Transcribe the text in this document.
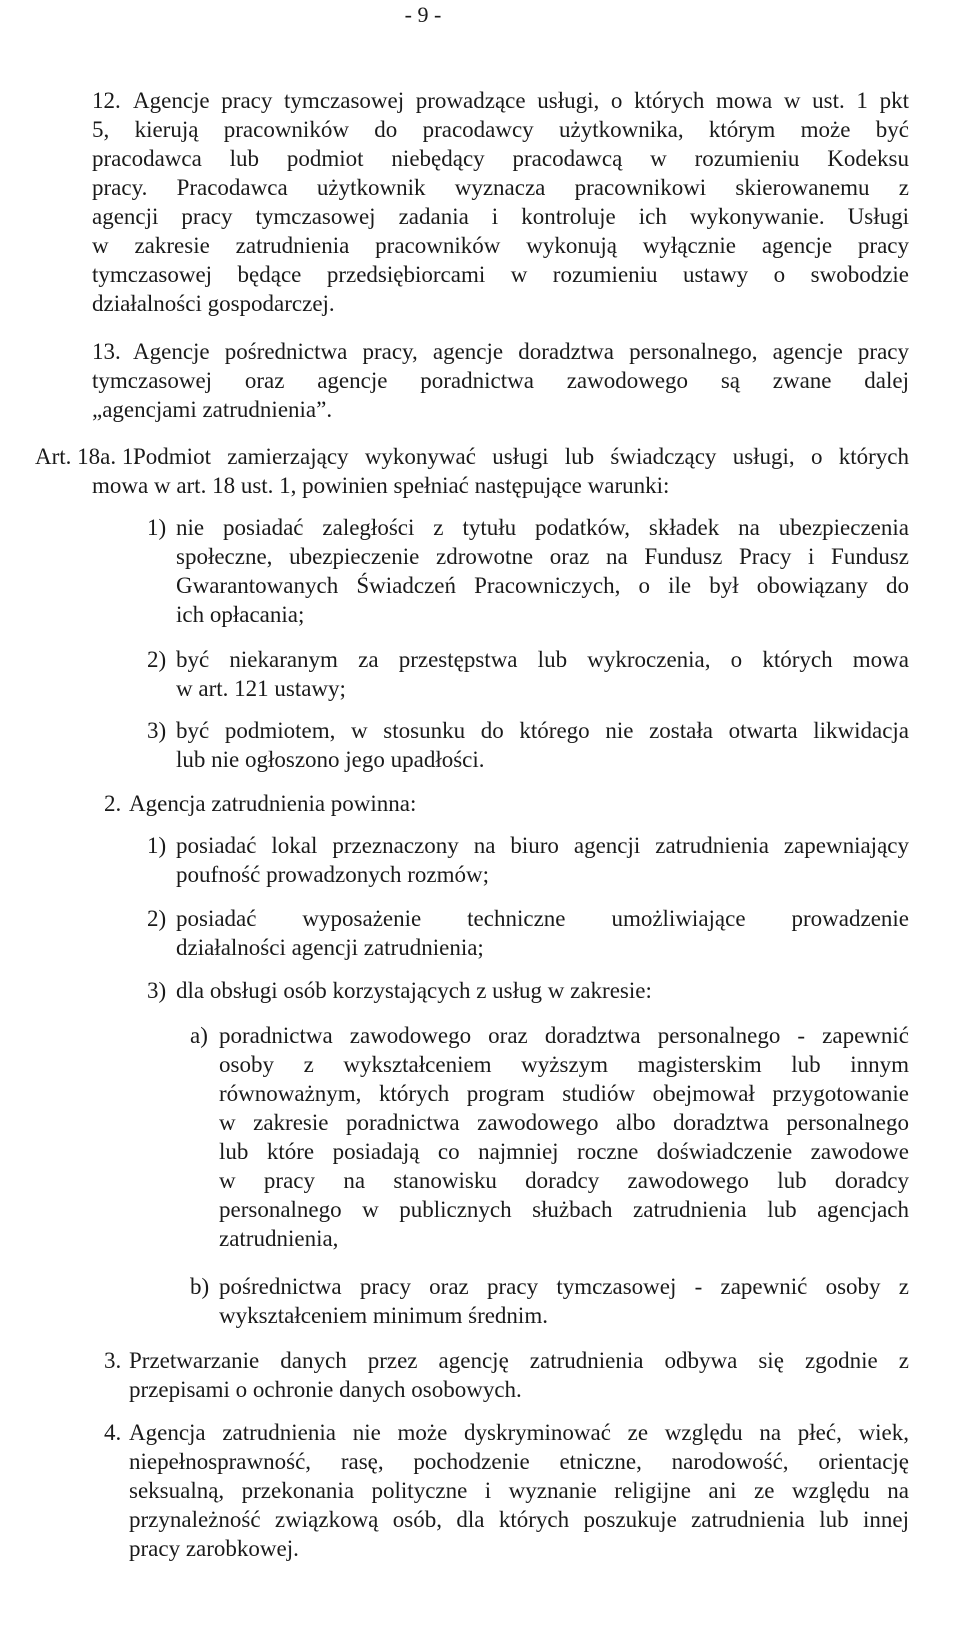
- 9 -
12. Agencje pracy tymczasowej prowadzące usługi, o których mowa w ust. 1 pkt
5, kierują pracowników do pracodawcy użytkownika, którym może być
pracodawca lub podmiot niebędący pracodawcą w rozumieniu Kodeksu
pracy. Pracodawca użytkownik wyznacza pracownikowi skierowanemu z
agencji pracy tymczasowej zadania i kontroluje ich wykonywanie. Usługi
w zakresie zatrudnienia pracowników wykonują wyłącznie agencje pracy
tymczasowej będące przedsiębiorcami w rozumieniu ustawy o swobodzie
działalności gospodarczej.
13. Agencje pośrednictwa pracy, agencje doradztwa personalnego, agencje pracy
tymczasowej oraz agencje poradnictwa zawodowego są zwane dalej
„agencjami zatrudnienia”.
Art. 18a. 1.
Podmiot zamierzający wykonywać usługi lub świadczący usługi, o których
mowa w art. 18 ust. 1, powinien spełniać następujące warunki:
1) nie posiadać zaległości z tytułu podatków, składek na ubezpieczenia
społeczne, ubezpieczenie zdrowotne oraz na Fundusz Pracy i Fundusz
Gwarantowanych Świadczeń Pracowniczych, o ile był obowiązany do
ich opłacania;
2) być niekaranym za przestępstwa lub wykroczenia, o których mowa
w art. 121 ustawy;
3) być podmiotem, w stosunku do którego nie została otwarta likwidacja
lub nie ogłoszono jego upadłości.
2. Agencja zatrudnienia powinna:
1) posiadać lokal przeznaczony na biuro agencji zatrudnienia zapewniający
poufność prowadzonych rozmów;
2) posiadać wyposażenie techniczne umożliwiające prowadzenie
działalności agencji zatrudnienia;
3) dla obsługi osób korzystających z usług w zakresie:
a) poradnictwa zawodowego oraz doradztwa personalnego - zapewnić
osoby z wykształceniem wyższym magisterskim lub innym
równoważnym, których program studiów obejmował przygotowanie
w zakresie poradnictwa zawodowego albo doradztwa personalnego
lub które posiadają co najmniej roczne doświadczenie zawodowe
w pracy na stanowisku doradcy zawodowego lub doradcy
personalnego w publicznych służbach zatrudnienia lub agencjach
zatrudnienia,
b) pośrednictwa pracy oraz pracy tymczasowej - zapewnić osoby z
wykształceniem minimum średnim.
3. Przetwarzanie danych przez agencję zatrudnienia odbywa się zgodnie z
przepisami o ochronie danych osobowych.
4. Agencja zatrudnienia nie może dyskryminować ze względu na płeć, wiek,
niepełnosprawność, rasę, pochodzenie etniczne, narodowość, orientację
seksualną, przekonania polityczne i wyznanie religijne ani ze względu na
przynależność związkową osób, dla których poszukuje zatrudnienia lub innej
pracy zarobkowej.
